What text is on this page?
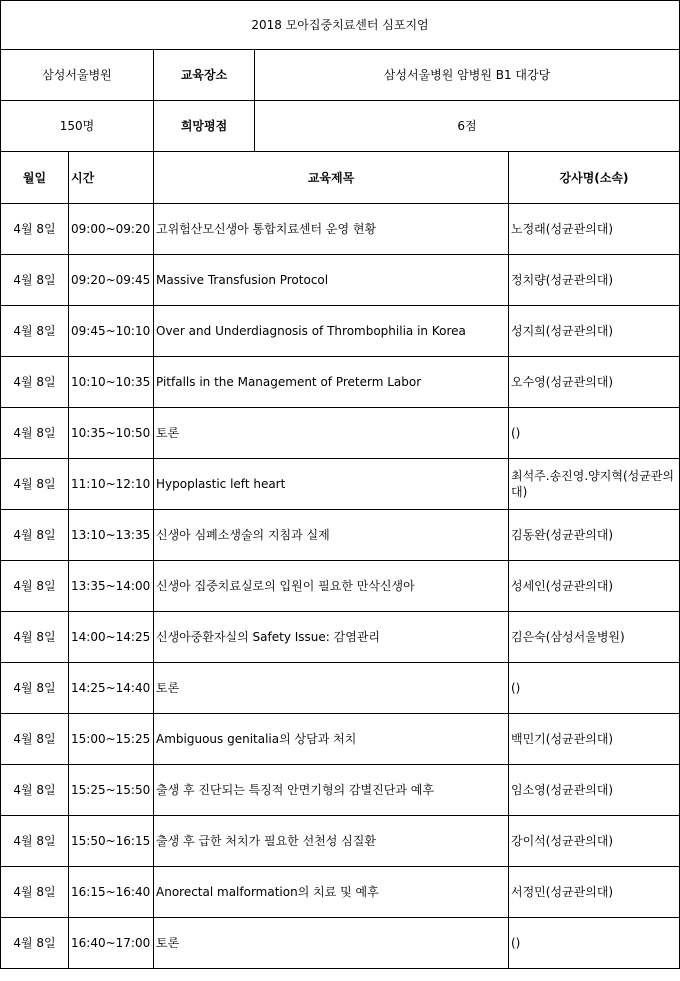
2018 모아집중치료센터 심포지엄				
삼성서울병원		교육장소	삼성서울병원 암병원 B1 대강당	
150명		희망평점	6점	
월일	시간	교육제목		강사명(소속)
4월 8일	09:00~09:20	고위험산모신생아 통합치료센터 운영 현황		노정래(성균관의대)
4월 8일	09:20~09:45	Massive Transfusion Protocol		정치량(성균관의대)
4월 8일	09:45~10:10	Over and Underdiagnosis of Thrombophilia in Korea		성지희(성균관의대)
4월 8일	10:10~10:35	Pitfalls in the Management of Preterm Labor		오수영(성균관의대)
4월 8일	10:35~10:50	토론		()
4월 8일	11:10~12:10	Hypoplastic left heart		최석주.송진영.양지혁(성균관의대)
4월 8일	13:10~13:35	신생아 심폐소생술의 지침과 실제		김동완(성균관의대)
4월 8일	13:35~14:00	신생아 집중치료실로의 입원이 필요한 만삭신생아		성세인(성균관의대)
4월 8일	14:00~14:25	신생아중환자실의 Safety Issue: 감염관리		김은숙(삼성서울병원)
4월 8일	14:25~14:40	토론		()
4월 8일	15:00~15:25	Ambiguous genitalia의 상담과 처치		백민기(성균관의대)
4월 8일	15:25~15:50	출생 후 진단되는 특징적 안면기형의 감별진단과 예후		임소영(성균관의대)
4월 8일	15:50~16:15	출생 후 급한 처치가 필요한 선천성 심질환		강이석(성균관의대)
4월 8일	16:15~16:40	Anorectal malformation의 치료 및 예후		서정민(성균관의대)
4월 8일	16:40~17:00	토론		()
